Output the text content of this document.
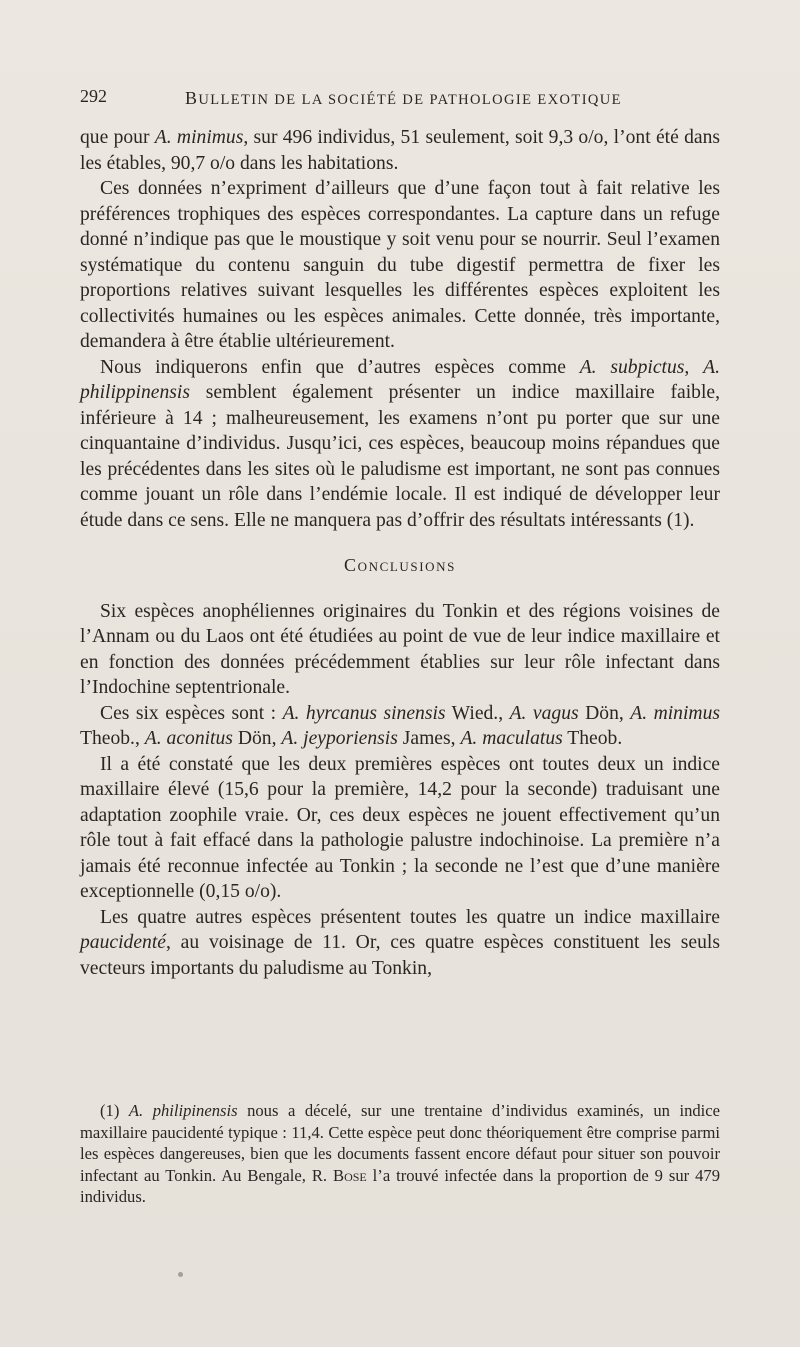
292	BULLETIN DE LA SOCIÉTÉ DE PATHOLOGIE EXOTIQUE

que pour A. minimus, sur 496 individus, 51 seulement, soit 9,3 o/o, l’ont été dans les étables, 90,7 o/o dans les habitations.

Ces données n’expriment d’ailleurs que d’une façon tout à fait relative les préférences trophiques des espèces correspondantes. La capture dans un refuge donné n’indique pas que le moustique y soit venu pour se nourrir. Seul l’examen systématique du contenu sanguin du tube digestif permettra de fixer les proportions relatives suivant lesquelles les différentes espèces exploitent les collectivités humaines ou les espèces animales. Cette donnée, très importante, demandera à être établie ultérieurement.

Nous indiquerons enfin que d’autres espèces comme A. subpictus, A. philippinensis semblent également présenter un indice maxillaire faible, inférieure à 14 ; malheureusement, les examens n’ont pu porter que sur une cinquantaine d’individus. Jusqu’ici, ces espèces, beaucoup moins répandues que les précédentes dans les sites où le paludisme est important, ne sont pas connues comme jouant un rôle dans l’endémie locale. Il est indiqué de développer leur étude dans ce sens. Elle ne manquera pas d’offrir des résultats intéressants (1).

Conclusions

Six espèces anophéliennes originaires du Tonkin et des régions voisines de l’Annam ou du Laos ont été étudiées au point de vue de leur indice maxillaire et en fonction des données précédemment établies sur leur rôle infectant dans l’Indochine septentrionale.

Ces six espèces sont : A. hyrcanus sinensis Wied., A. vagus Dön, A. minimus Theob., A. aconitus Dön, A. jeyporiensis James, A. maculatus Theob.

Il a été constaté que les deux premières espèces ont toutes deux un indice maxillaire élevé (15,6 pour la première, 14,2 pour la seconde) traduisant une adaptation zoophile vraie. Or, ces deux espèces ne jouent effectivement qu’un rôle tout à fait effacé dans la pathologie palustre indochinoise. La première n’a jamais été reconnue infectée au Tonkin ; la seconde ne l’est que d’une manière exceptionnelle (0,15 o/o).

Les quatre autres espèces présentent toutes les quatre un indice maxillaire paucidenté, au voisinage de 11. Or, ces quatre espèces constituent les seuls vecteurs importants du paludisme au Tonkin,

(1) A. philipinensis nous a décelé, sur une trentaine d’individus examinés, un indice maxillaire paucidenté typique : 11,4. Cette espèce peut donc théoriquement être comprise parmi les espèces dangereuses, bien que les documents fassent encore défaut pour situer son pouvoir infectant au Tonkin. Au Bengale, R. Bose l’a trouvé infectée dans la proportion de 9 sur 479 individus.
